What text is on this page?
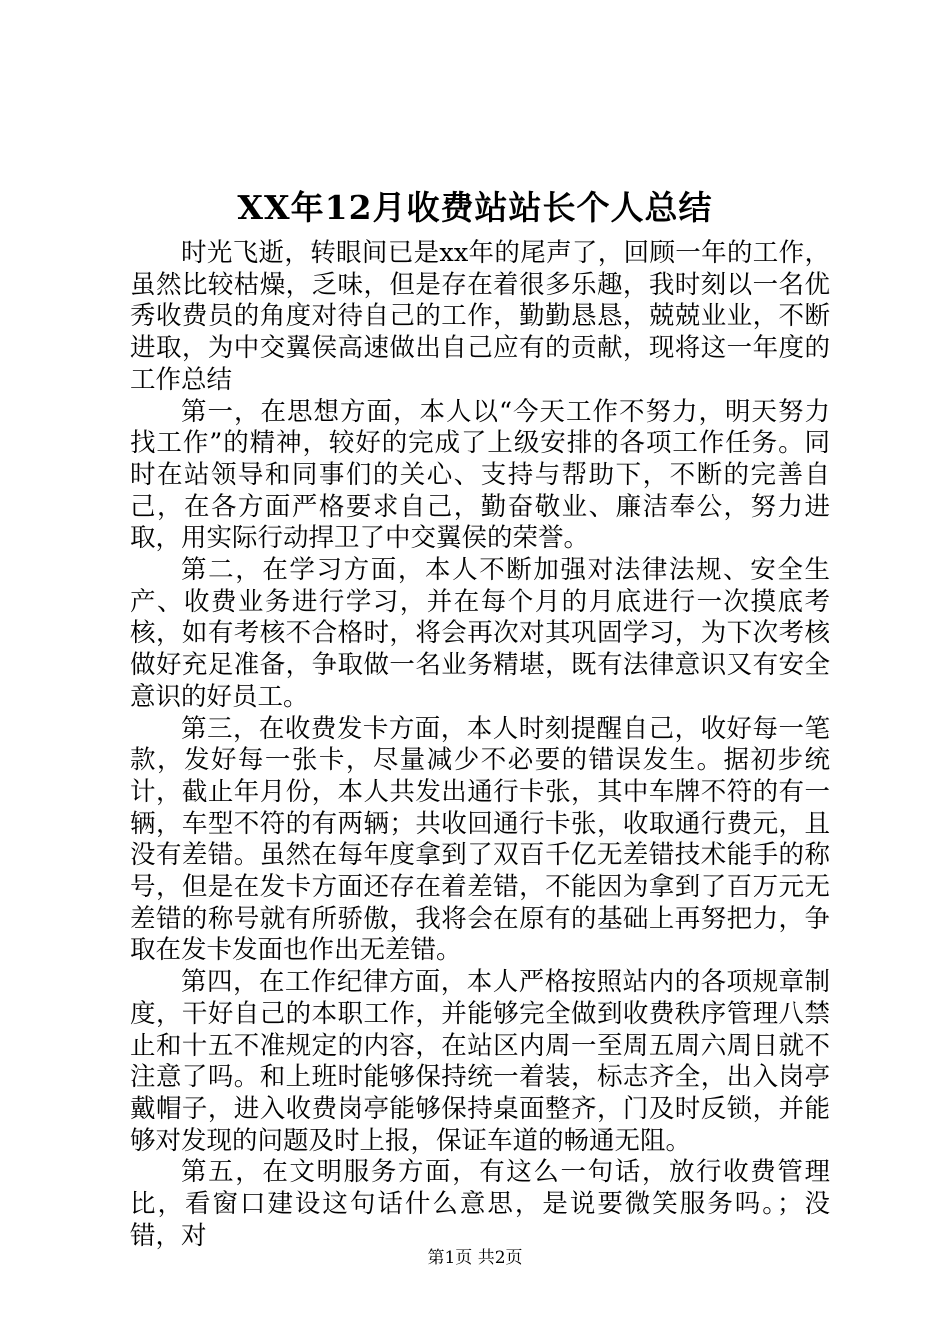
XX年12月收费站站长个人总结

时光飞逝，转眼间已是xx年的尾声了，回顾一年的工作，虽然比较枯燥，乏味，但是存在着很多乐趣，我时刻以一名优秀收费员的角度对待自己的工作，勤勤恳恳，兢兢业业，不断进取，为中交翼侯高速做出自己应有的贡献，现将这一年度的工作总结

第一，在思想方面，本人以“今天工作不努力，明天努力找工作”的精神，较好的完成了上级安排的各项工作任务。同时在站领导和同事们的关心、支持与帮助下，不断的完善自己，在各方面严格要求自己，勤奋敬业、廉洁奉公，努力进取，用实际行动捍卫了中交翼侯的荣誉。

第二，在学习方面，本人不断加强对法律法规、安全生产、收费业务进行学习，并在每个月的月底进行一次摸底考核，如有考核不合格时，将会再次对其巩固学习，为下次考核做好充足准备，争取做一名业务精堪，既有法律意识又有安全意识的好员工。

第三，在收费发卡方面，本人时刻提醒自己，收好每一笔款，发好每一张卡，尽量减少不必要的错误发生。据初步统计，截止年月份，本人共发出通行卡张，其中车牌不符的有一辆，车型不符的有两辆；共收回通行卡张，收取通行费元，且没有差错。虽然在每年度拿到了双百千亿无差错技术能手的称号，但是在发卡方面还存在着差错，不能因为拿到了百万元无差错的称号就有所骄傲，我将会在原有的基础上再努把力，争取在发卡发面也作出无差错。

第四，在工作纪律方面，本人严格按照站内的各项规章制度，干好自己的本职工作，并能够完全做到收费秩序管理八禁止和十五不准规定的内容，在站区内周一至周五周六周日就不注意了吗。和上班时能够保持统一着装，标志齐全，出入岗亭戴帽子，进入收费岗亭能够保持桌面整齐，门及时反锁，并能够对发现的问题及时上报，保证车道的畅通无阻。

第五，在文明服务方面，有这么一句话，放行收费管理比，看窗口建设这句话什么意思，是说要微笑服务吗。；没错，对

第1页 共2页
